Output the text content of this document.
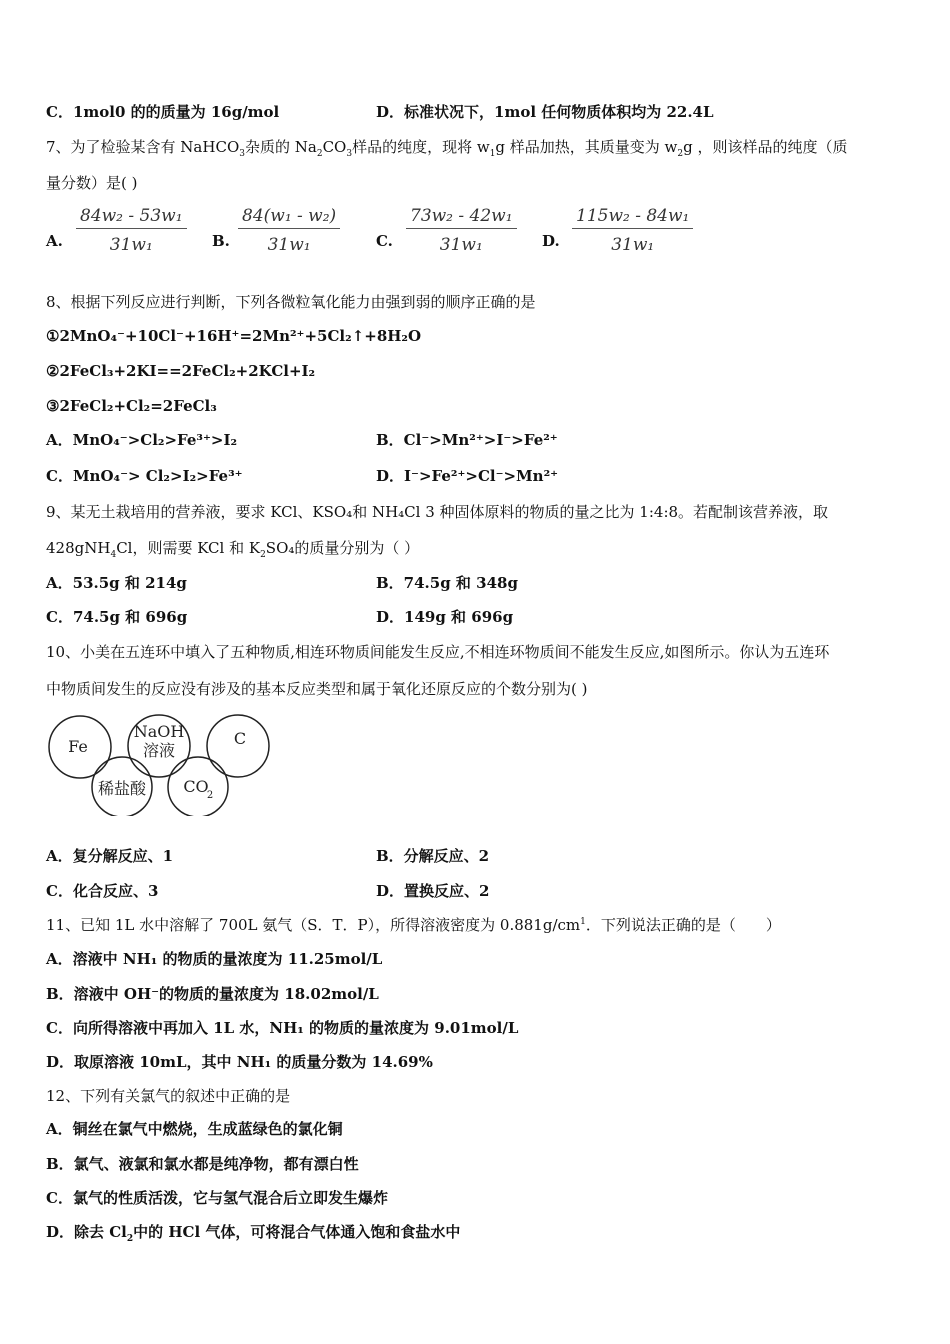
C．1mol0 的的质量为 16g/mol	D．标准状况下，1mol 任何物质体积均为 22.4L
7、为了检验某含有 NaHCO$_3$杂质的 $Na_2CO_3$样品的纯度，现将 $w_1g$ 样品加热，其质量变为 $w_2g$ ，则该样品的纯度（质
量分数）是( )
A. $\frac{\text{84w₂ - 53w₁}}{\text{31w₁}} B$. $\frac{\text{84(w₁ - w₂)}}{\text{31w₁}} C$. $\frac{\text{73w₂ - 42w₁}}{\text{31w₁}} D$. $\frac{\text{115w₂ - 84w₁}}{\text{31w₁}}$
8、根据下列反应进行判断，下列各微粒氧化能力由强到弱的顺序正确的是
①2MnO₄⁻+10Cl⁻+16H⁺=2Mn²⁺+5Cl₂↑+8H₂O
②2FeCl₃+2KI==2FeCl₂+2KCl+I₂
③2FeCl₂+Cl₂=2FeCl₃
A．MnO₄⁻>Cl₂>Fe³⁺>I₂	B．Cl⁻>Mn²⁺>I⁻>Fe²⁺
C．MnO₄⁻> Cl₂>I₂>Fe³⁺	D．I⁻>Fe²⁺>Cl⁻>Mn²⁺
9、某无土栽培用的营养液，要求 KCl、KSO₄和 NH₄Cl 3 种固体原料的物质的量之比为 1:4:8。若配制该营养液，取
428gNH$_4$Cl，则需要 KCl 和 $K_2SO_4$的质量分别为（ ）
A．53.5g 和 214g	B．74.5g 和 348g
C．74.5g 和 696g	D．149g 和 696g
10、小美在五连环中填入了五种物质,相连环物质间能发生反应,不相连环物质间不能发生反应,如图所示。你认为五连环
中物质间发生的反应没有涉及的基本反应类型和属于氧化还原反应的个数分别为( )
Fe
NaOH
溶液
C
稀盐酸 CO
2
A．复分解反应、1	B．分解反应、2
C．化合反应、3	D．置换反应、2
11、已知 1L 水中溶解了 700L 氨气（S．T．P），所得溶液密度为 $0.881g/cm^1$．下列说法正确的是（　　）
A．溶液中 NH₁ 的物质的量浓度为 11.25mol/L
B．溶液中 OH⁻的物质的量浓度为 18.02mol/L
C．向所得溶液中再加入 1L 水，NH₁ 的物质的量浓度为 9.01mol/L
D．取原溶液 10mL，其中 NH₁ 的质量分数为 14.69%
12、下列有关氯气的叙述中正确的是
A．铜丝在氯气中燃烧，生成蓝绿色的氯化铜
B．氯气、液氯和氯水都是纯净物，都有漂白性
C．氯气的性质活泼，它与氢气混合后立即发生爆炸
D．除去 $Cl_2$中的 HCl 气体，可将混合气体通入饱和食盐水中
